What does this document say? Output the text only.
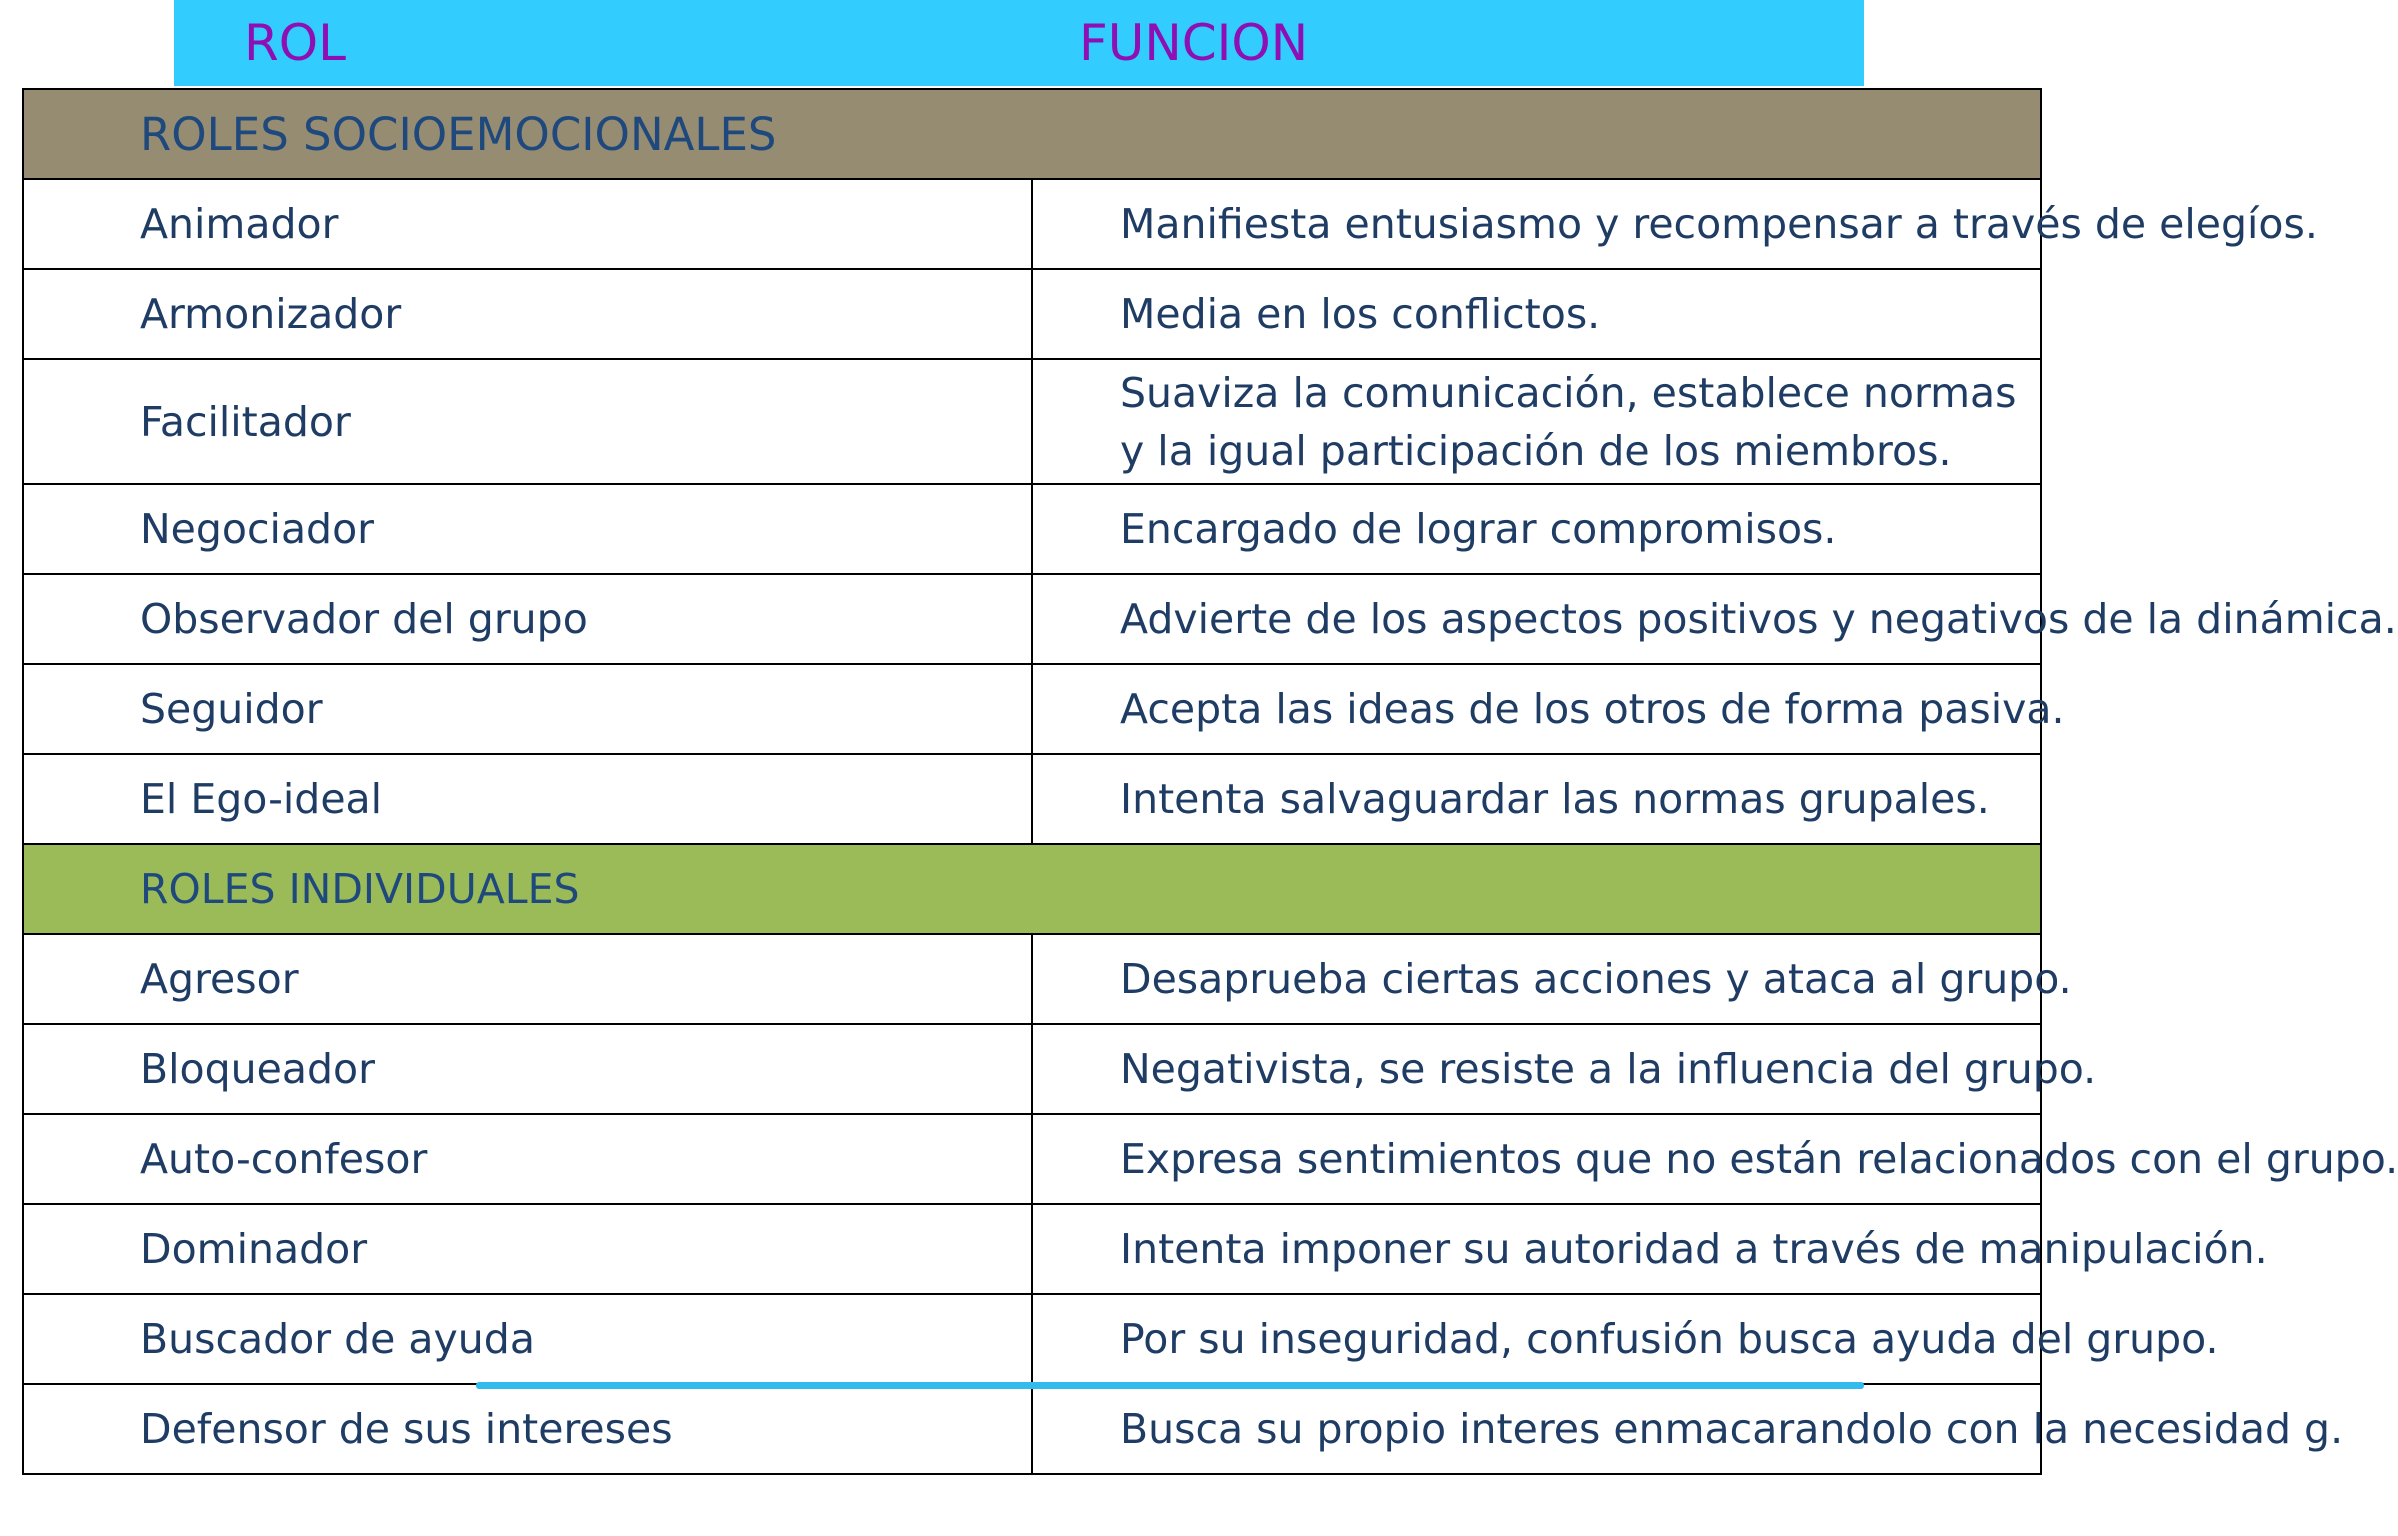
ROL	FUNCION
ROLES SOCIOEMOCIONALES	
Animador	Manifiesta entusiasmo y recompensar a través de elegíos.
Armonizador	Media en los conflictos.
Facilitador	Suaviza la comunicación, establece normas y la igual participación de los miembros.
Negociador	Encargado de lograr compromisos.
Observador del grupo	Advierte de los aspectos positivos y negativos de la dinámica.
Seguidor	Acepta las ideas de los otros de forma pasiva.
El Ego-ideal	Intenta salvaguardar las normas grupales.
ROLES INDIVIDUALES	
Agresor	Desaprueba ciertas acciones y ataca al grupo.
Bloqueador	Negativista, se resiste a la influencia del grupo.
Auto-confesor	Expresa sentimientos que no están relacionados con el grupo.
Dominador	Intenta imponer su autoridad a través de manipulación.
Buscador de ayuda	Por su inseguridad, confusión busca ayuda del grupo.
Defensor de sus intereses	Busca su propio interes enmacarandolo con la necesidad g.
